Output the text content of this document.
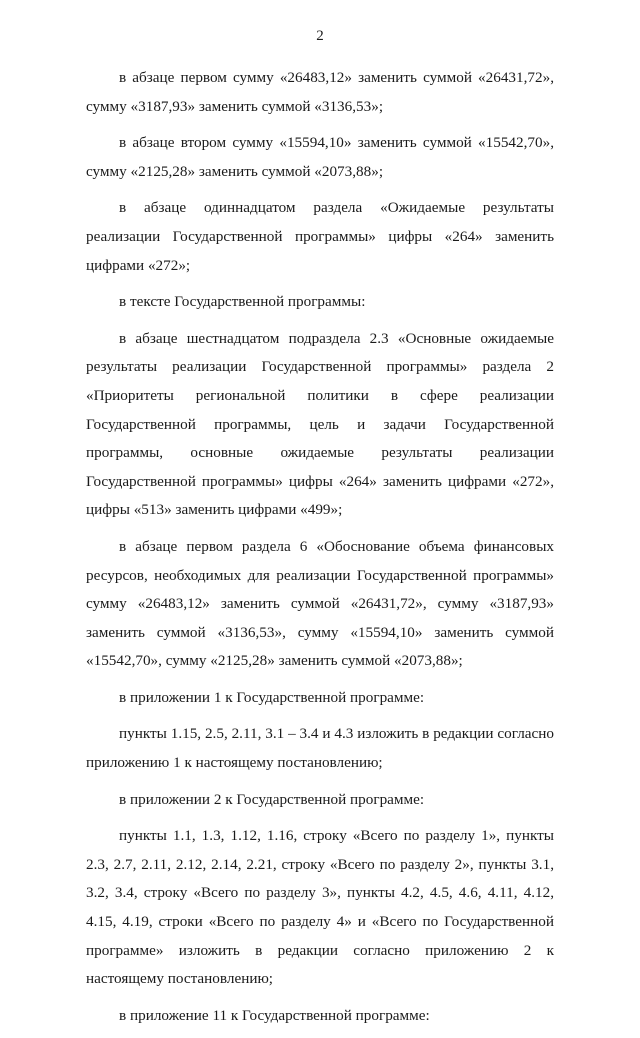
2

в абзаце первом сумму «26483,12» заменить суммой «26431,72», сумму «3187,93» заменить суммой «3136,53»;

в абзаце втором сумму «15594,10» заменить суммой «15542,70», сумму «2125,28» заменить суммой «2073,88»;

в абзаце одиннадцатом раздела «Ожидаемые результаты реализации Государственной программы» цифры «264» заменить цифрами «272»;

в тексте Государственной программы:

в абзаце шестнадцатом подраздела 2.3 «Основные ожидаемые результаты реализации Государственной программы» раздела 2 «Приоритеты региональной политики в сфере реализации Государственной программы, цель и задачи Государственной программы, основные ожидаемые результаты реализации Государственной программы» цифры «264» заменить цифрами «272», цифры «513» заменить цифрами «499»;

в абзаце первом раздела 6 «Обоснование объема финансовых ресурсов, необходимых для реализации Государственной программы» сумму «26483,12» заменить суммой «26431,72», сумму «3187,93» заменить суммой «3136,53», сумму «15594,10» заменить суммой «15542,70», сумму «2125,28» заменить суммой «2073,88»;

в приложении 1 к Государственной программе:

пункты 1.15, 2.5, 2.11, 3.1 – 3.4 и 4.3 изложить в редакции согласно приложению 1 к настоящему постановлению;

в приложении 2 к Государственной программе:

пункты 1.1, 1.3, 1.12, 1.16, строку «Всего по разделу 1», пункты 2.3, 2.7, 2.11, 2.12, 2.14, 2.21, строку «Всего по разделу 2», пункты 3.1, 3.2, 3.4, строку «Всего по разделу 3», пункты 4.2, 4.5, 4.6, 4.11, 4.12, 4.15, 4.19, строки «Всего по разделу 4» и «Всего по Государственной программе» изложить в редакции согласно приложению 2 к настоящему постановлению;

в приложение 11 к Государственной программе:
